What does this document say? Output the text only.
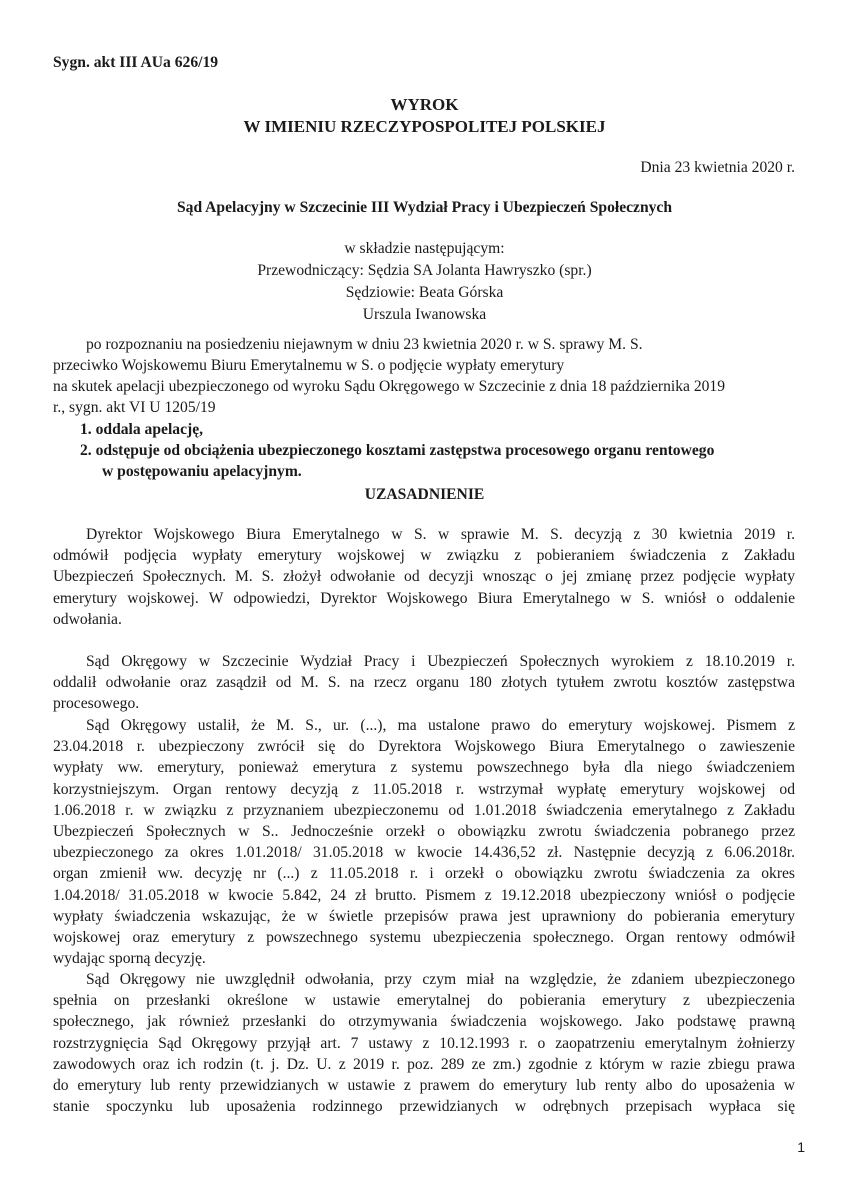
Sygn. akt III AUa 626/19
WYROK
W IMIENIU RZECZYPOSPOLITEJ POLSKIEJ
Dnia 23 kwietnia 2020 r.
Sąd Apelacyjny w Szczecinie III Wydział Pracy i Ubezpieczeń Społecznych
w składzie następującym:
Przewodniczący: Sędzia SA Jolanta Hawryszko (spr.)
Sędziowie: Beata Górska
Urszula Iwanowska
po rozpoznaniu na posiedzeniu niejawnym w dniu 23 kwietnia 2020 r. w S. sprawy M. S.
przeciwko Wojskowemu Biuru Emerytalnemu w S. o podjęcie wypłaty emerytury
na skutek apelacji ubezpieczonego od wyroku Sądu Okręgowego w Szczecinie z dnia 18 października 2019
r., sygn. akt VI U 1205/19
1. oddala apelację,
2. odstępuje od obciążenia ubezpieczonego kosztami zastępstwa procesowego organu rentowego
w postępowaniu apelacyjnym.
UZASADNIENIE
Dyrektor Wojskowego Biura Emerytalnego w S. w sprawie M. S. decyzją z 30 kwietnia 2019 r.
odmówił podjęcia wypłaty emerytury wojskowej w związku z pobieraniem świadczenia z Zakładu
Ubezpieczeń Społecznych. M. S. złożył odwołanie od decyzji wnosząc o jej zmianę przez podjęcie wypłaty
emerytury wojskowej. W odpowiedzi, Dyrektor Wojskowego Biura Emerytalnego w S. wniósł o oddalenie
odwołania.
Sąd Okręgowy w Szczecinie Wydział Pracy i Ubezpieczeń Społecznych wyrokiem z 18.10.2019 r.
oddalił odwołanie oraz zasądził od M. S. na rzecz organu 180 złotych tytułem zwrotu kosztów zastępstwa
procesowego.
Sąd Okręgowy ustalił, że M. S., ur. (...), ma ustalone prawo do emerytury wojskowej. Pismem z
23.04.2018 r. ubezpieczony zwrócił się do Dyrektora Wojskowego Biura Emerytalnego o zawieszenie
wypłaty ww. emerytury, ponieważ emerytura z systemu powszechnego była dla niego świadczeniem
korzystniejszym. Organ rentowy decyzją z 11.05.2018 r. wstrzymał wypłatę emerytury wojskowej od
1.06.2018 r. w związku z przyznaniem ubezpieczonemu od 1.01.2018 świadczenia emerytalnego z Zakładu
Ubezpieczeń Społecznych w S.. Jednocześnie orzekł o obowiązku zwrotu świadczenia pobranego przez
ubezpieczonego za okres 1.01.2018/ 31.05.2018 w kwocie 14.436,52 zł. Następnie decyzją z 6.06.2018r.
organ zmienił ww. decyzję nr (...) z 11.05.2018 r. i orzekł o obowiązku zwrotu świadczenia za okres
1.04.2018/ 31.05.2018 w kwocie 5.842, 24 zł brutto. Pismem z 19.12.2018 ubezpieczony wniósł o podjęcie
wypłaty świadczenia wskazując, że w świetle przepisów prawa jest uprawniony do pobierania emerytury
wojskowej oraz emerytury z powszechnego systemu ubezpieczenia społecznego. Organ rentowy odmówił
wydając sporną decyzję.
Sąd Okręgowy nie uwzględnił odwołania, przy czym miał na względzie, że zdaniem ubezpieczonego
spełnia on przesłanki określone w ustawie emerytalnej do pobierania emerytury z ubezpieczenia
społecznego, jak również przesłanki do otrzymywania świadczenia wojskowego. Jako podstawę prawną
rozstrzygnięcia Sąd Okręgowy przyjął art. 7 ustawy z 10.12.1993 r. o zaopatrzeniu emerytalnym żołnierzy
zawodowych oraz ich rodzin (t. j. Dz. U. z 2019 r. poz. 289 ze zm.) zgodnie z którym w razie zbiegu prawa
do emerytury lub renty przewidzianych w ustawie z prawem do emerytury lub renty albo do uposażenia w
stanie spoczynku lub uposażenia rodzinnego przewidzianych w odrębnych przepisach wypłaca się
1
